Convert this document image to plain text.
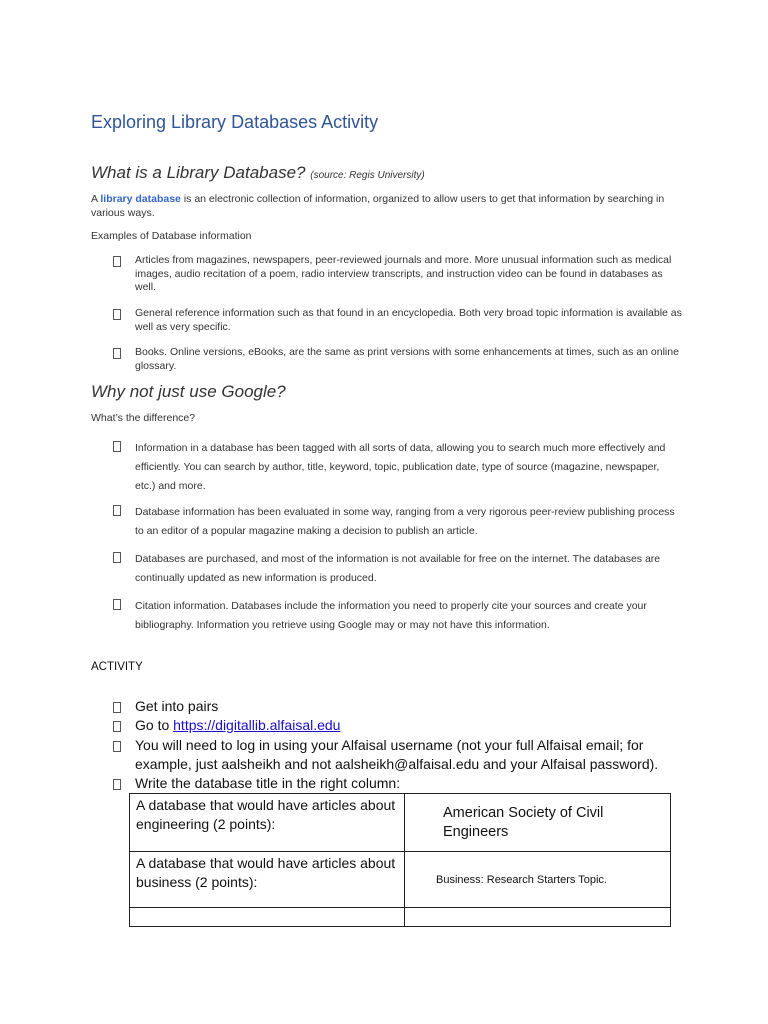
Exploring Library Databases Activity
What is a Library Database? (source: Regis University)
A library database is an electronic collection of information, organized to allow users to get that information by searching in various ways.
Examples of Database information
Articles from magazines, newspapers, peer-reviewed journals and more. More unusual information such as medical images, audio recitation of a poem, radio interview transcripts, and instruction video can be found in databases as well.
General reference information such as that found in an encyclopedia. Both very broad topic information is available as well as very specific.
Books. Online versions, eBooks, are the same as print versions with some enhancements at times, such as an online glossary.
Why not just use Google?
What’s the difference?
Information in a database has been tagged with all sorts of data, allowing you to search much more effectively and efficiently. You can search by author, title, keyword, topic, publication date, type of source (magazine, newspaper, etc.) and more.
Database information has been evaluated in some way, ranging from a very rigorous peer-review publishing process to an editor of a popular magazine making a decision to publish an article.
Databases are purchased, and most of the information is not available for free on the internet. The databases are continually updated as new information is produced.
Citation information. Databases include the information you need to properly cite your sources and create your bibliography. Information you retrieve using Google may or may not have this information.
ACTIVITY
Get into pairs
Go to https://digitallib.alfaisal.edu
You will need to log in using your Alfaisal username (not your full Alfaisal email; for example, just aalsheikh and not aalsheikh@alfaisal.edu and your Alfaisal password).
Write the database title in the right column:
A database that would have articles about engineering (2 points):	American Society of Civil Engineers
A database that would have articles about business (2 points):	Business: Research Starters Topic.
